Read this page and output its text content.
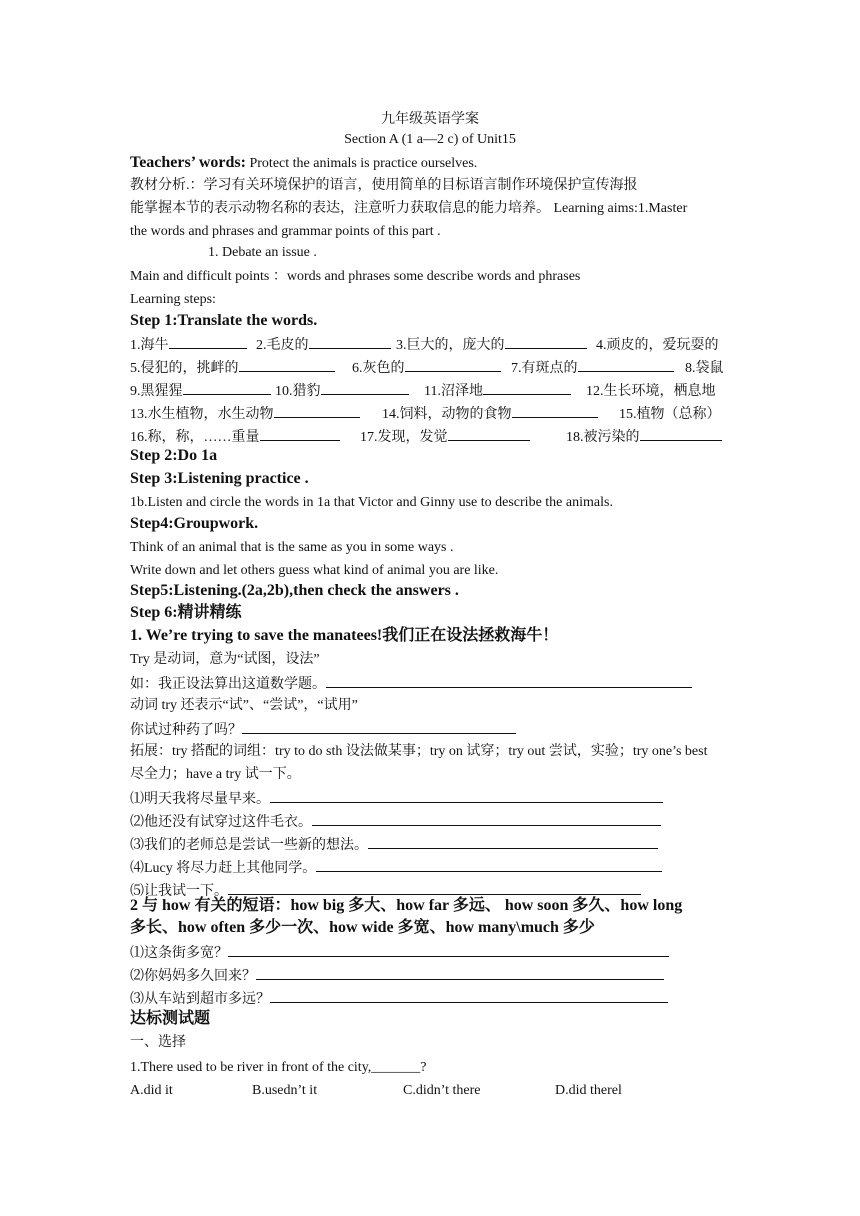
九年级英语学案
Section A (1 a—2 c) of Unit15
Teachers’ words: Protect the animals is practice ourselves.
教材分析.：学习有关环境保护的语言，使用简单的目标语言制作环境保护宣传海报
能掌握本节的表示动物名称的表达，注意听力获取信息的能力培养。 Learning aims:1.Master
the words and phrases and grammar points of this part .
1. Debate an issue .
Main and difficult points ：words and phrases some describe words and phrases
Learning steps:
Step 1:Translate the words.
1.海牛	2.毛皮的	3.巨大的，庞大的	4.顽皮的，爱玩耍的
5.侵犯的，挑衅的	6.灰色的	7.有斑点的	8.袋鼠
9.黑猩猩	10.猎豹	11.沼泽地	12.生长环境，栖息地
13.水生植物，水生动物	14.饲料，动物的食物	15.植物（总称）
16.称，称，……重量	17.发现，发觉	18.被污染的
Step 2:Do 1a
Step 3:Listening practice .
1b.Listen and circle the words in 1a that Victor and Ginny use to describe the animals.
Step4:Groupwork.
Think of an animal that is the same as you in some ways .
Write down and let others guess what kind of animal you are like.
Step5:Listening.(2a,2b),then check the answers .
Step 6:精讲精练
1. We’re trying to save the manatees!我们正在设法拯救海牛！
Try 是动词，意为“试图，设法”
如：我正设法算出这道数学题。
动词 try 还表示“试”、“尝试”，“试用”
你试过种药了吗？
拓展：try 搭配的词组：try to do sth 设法做某事；try on 试穿；try out 尝试，实验；try one’s best
尽全力；have a try 试一下。
⑴明天我将尽量早来。
⑵他还没有试穿过这件毛衣。
⑶我们的老师总是尝试一些新的想法。
⑷Lucy 将尽力赶上其他同学。
⑸让我试一下。
2 与 how 有关的短语：how big 多大、how far 多远、 how soon 多久、how long
多长、how often 多少一次、how wide 多宽、how many\much 多少
⑴这条街多宽？
⑵你妈妈多久回来？
⑶从车站到超市多远？
达标测试题
一、选择
1.There used to be river in front of the city,_______?
A.did it	B.usedn’t it	C.didn’t there	D.did therel
